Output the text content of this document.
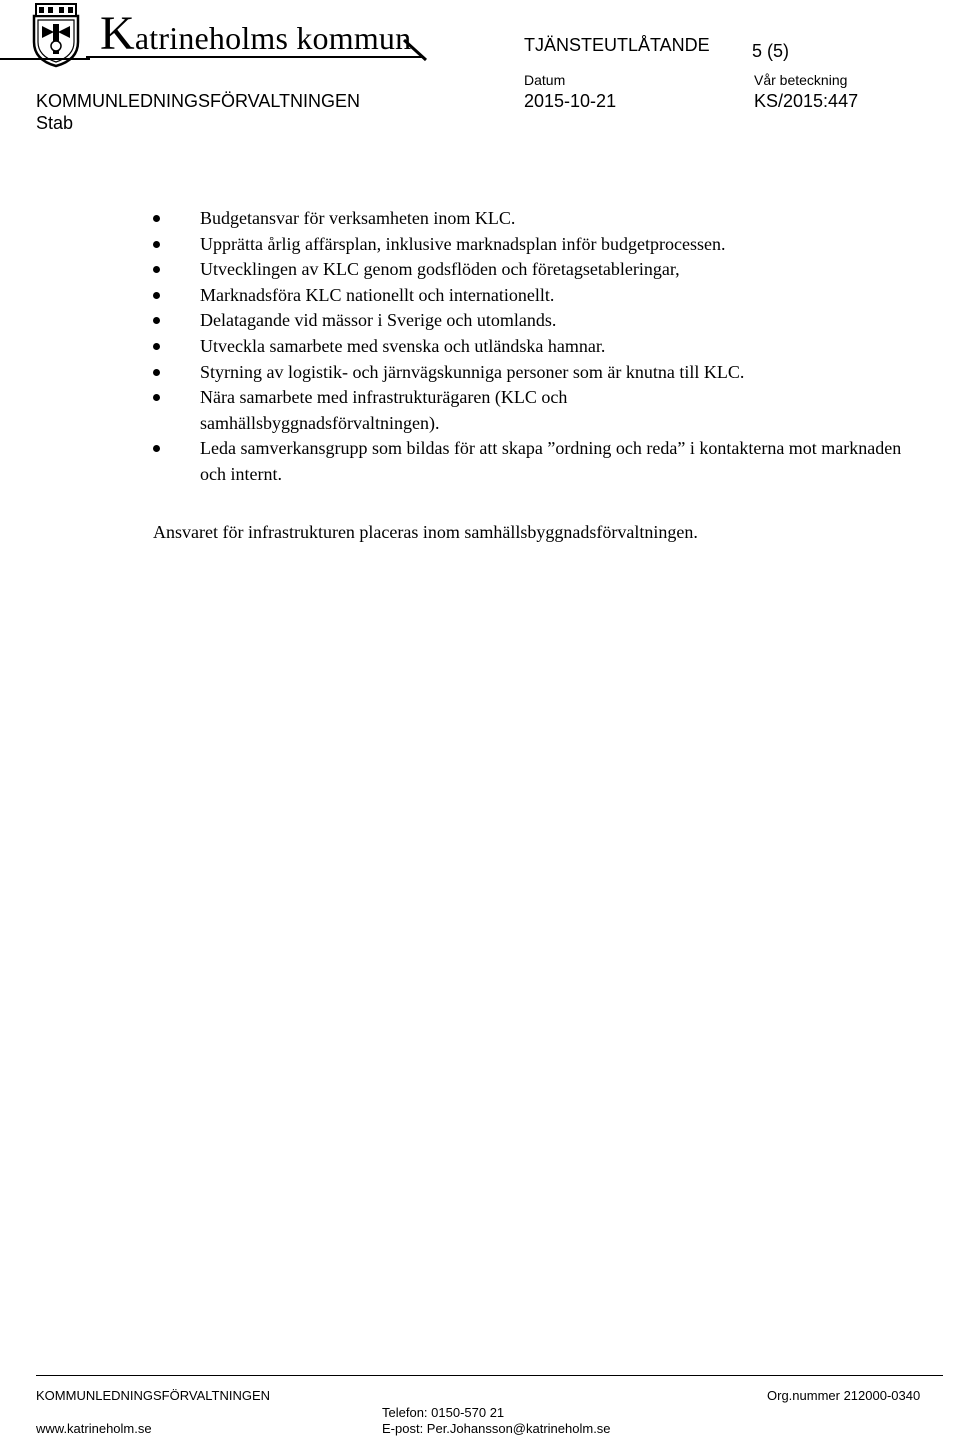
Katrineholms kommun	TJÄNSTEUTLÅTANDE 5 (5)
KOMMUNLEDNINGSFÖRVALTNINGEN
Stab
Datum
2015-10-21
Vår beteckning
KS/2015:447
Budgetansvar för verksamheten inom KLC.
Upprätta årlig affärsplan, inklusive marknadsplan inför budgetprocessen.
Utvecklingen av KLC genom godsflöden och företagsetableringar,
Marknadsföra KLC nationellt och internationellt.
Delatagande vid mässor i Sverige och utomlands.
Utveckla samarbete med svenska och utländska hamnar.
Styrning av logistik- och järnvägskunniga personer som är knutna till KLC.
Nära samarbete med infrastrukturägaren (KLC och samhällsbyggnadsförvaltningen).
Leda samverkansgrupp som bildas för att skapa ”ordning och reda” i kontakterna mot marknaden och internt.
Ansvaret för infrastrukturen placeras inom samhällsbyggnadsförvaltningen.
KOMMUNLEDNINGSFÖRVALTNINGEN	Org.nummer 212000-0340
Telefon: 0150-570 21
www.katrineholm.se	E-post: Per.Johansson@katrineholm.se
